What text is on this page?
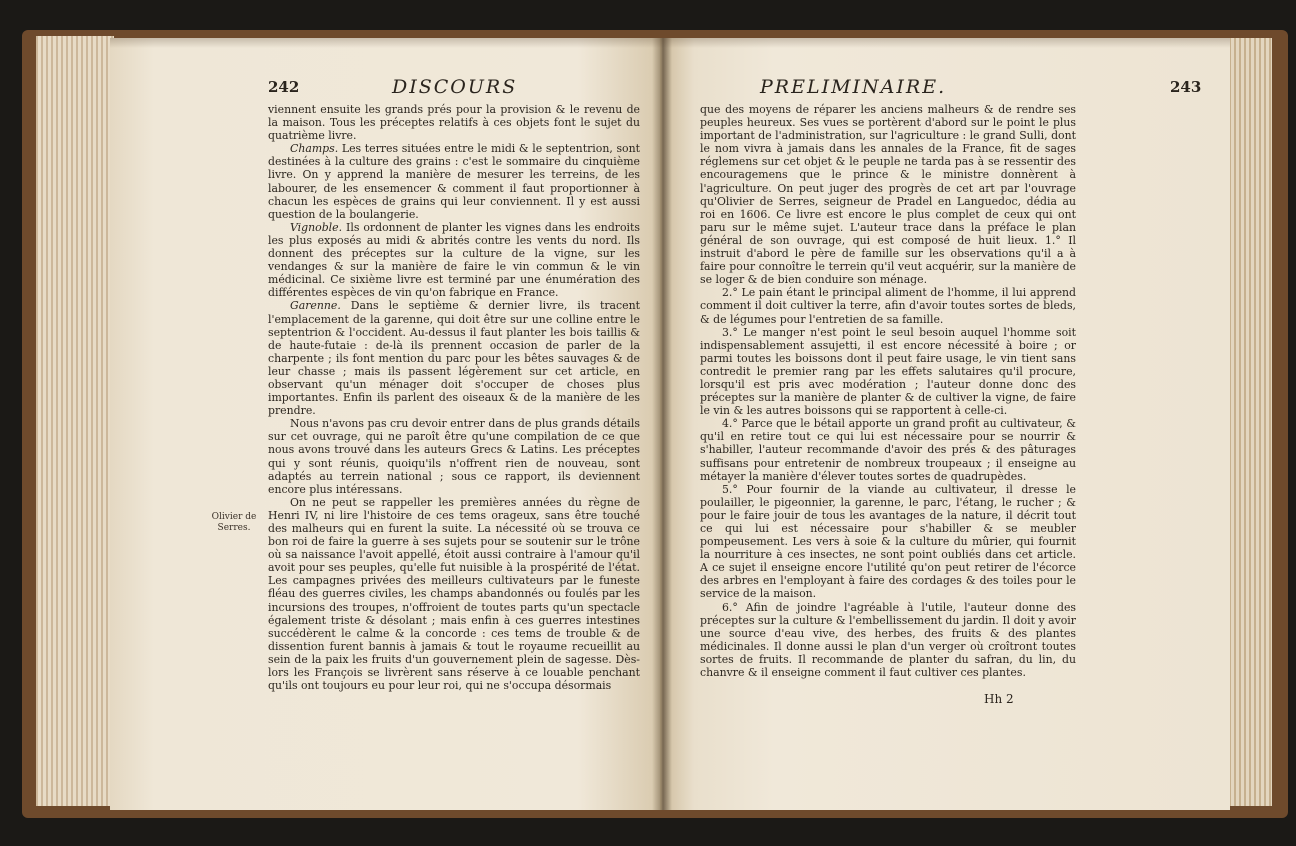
242	DISCOURS

viennent ensuite les grands prés pour la provision & le revenu de la maison. Tous les préceptes relatifs à ces objets font le sujet du quatrième livre.

Champs. Les terres situées entre le midi & le septentrion, sont destinées à la culture des grains : c'est le sommaire du cinquième livre. On y apprend la manière de mesurer les terreins, de les labourer, de les ensemencer & comment il faut proportionner à chacun les espèces de grains qui leur conviennent. Il y est aussi question de la boulangerie.

Vignoble. Ils ordonnent de planter les vignes dans les endroits les plus exposés au midi & abrités contre les vents du nord. Ils donnent des préceptes sur la culture de la vigne, sur les vendanges & sur la manière de faire le vin commun & le vin médicinal. Ce sixième livre est terminé par une énumération des différentes espèces de vin qu'on fabrique en France.

Garenne. Dans le septième & dernier livre, ils tracent l'emplacement de la garenne, qui doit être sur une colline entre le septentrion & l'occident. Au-dessus il faut planter les bois taillis & de haute-futaie : de-là ils prennent occasion de parler de la charpente ; ils font mention du parc pour les bêtes sauvages & de leur chasse ; mais ils passent légèrement sur cet article, en observant qu'un ménager doit s'occuper de choses plus importantes. Enfin ils parlent des oiseaux & de la manière de les prendre.

Nous n'avons pas cru devoir entrer dans de plus grands détails sur cet ouvrage, qui ne paroît être qu'une compilation de ce que nous avons trouvé dans les auteurs Grecs & Latins. Les préceptes qui y sont réunis, quoiqu'ils n'offrent rien de nouveau, sont adaptés au terrein national ; sous ce rapport, ils deviennent encore plus intéressans.

On ne peut se rappeller les premières années du règne de Henri IV, ni lire l'histoire de ces tems orageux, sans être touché des malheurs qui en furent la suite. La nécessité où se trouva ce bon roi de faire la guerre à ses sujets pour se soutenir sur le trône où sa naissance l'avoit appellé, étoit aussi contraire à l'amour qu'il avoit pour ses peuples, qu'elle fut nuisible à la prospérité de l'état. Les campagnes privées des meilleurs cultivateurs par le funeste fléau des guerres civiles, les champs abandonnés ou foulés par les incursions des troupes, n'offroient de toutes parts qu'un spectacle également triste & désolant ; mais enfin à ces guerres intestines succédèrent le calme & la concorde : ces tems de trouble & de dissention furent bannis à jamais & tout le royaume recueillit au sein de la paix les fruits d'un gouvernement plein de sagesse. Dès-lors les François se livrèrent sans réserve à ce louable penchant qu'ils ont toujours eu pour leur roi, qui ne s'occupa désormais

Olivier de Serres.
PRELIMINAIRE.	243

que des moyens de réparer les anciens malheurs & de rendre ses peuples heureux. Ses vues se portèrent d'abord sur le point le plus important de l'administration, sur l'agriculture : le grand Sulli, dont le nom vivra à jamais dans les annales de la France, fit de sages réglemens sur cet objet & le peuple ne tarda pas à se ressentir des encouragemens que le prince & le ministre donnèrent à l'agriculture. On peut juger des progrès de cet art par l'ouvrage qu'Olivier de Serres, seigneur de Pradel en Languedoc, dédia au roi en 1606. Ce livre est encore le plus complet de ceux qui ont paru sur le même sujet. L'auteur trace dans la préface le plan général de son ouvrage, qui est composé de huit lieux. 1.° Il instruit d'abord le père de famille sur les observations qu'il a à faire pour connoître le terrein qu'il veut acquérir, sur la manière de se loger & de bien conduire son ménage.

2.° Le pain étant le principal aliment de l'homme, il lui apprend comment il doit cultiver la terre, afin d'avoir toutes sortes de bleds, & de légumes pour l'entretien de sa famille.

3.° Le manger n'est point le seul besoin auquel l'homme soit indispensablement assujetti, il est encore nécessité à boire ; or parmi toutes les boissons dont il peut faire usage, le vin tient sans contredit le premier rang par les effets salutaires qu'il procure, lorsqu'il est pris avec modération ; l'auteur donne donc des préceptes sur la manière de planter & de cultiver la vigne, de faire le vin & les autres boissons qui se rapportent à celle-ci.

4.° Parce que le bétail apporte un grand profit au cultivateur, & qu'il en retire tout ce qui lui est nécessaire pour se nourrir & s'habiller, l'auteur recommande d'avoir des prés & des pâturages suffisans pour entretenir de nombreux troupeaux ; il enseigne au métayer la manière d'élever toutes sortes de quadrupèdes.

5.° Pour fournir de la viande au cultivateur, il dresse le poulailler, le pigeonnier, la garenne, le parc, l'étang, le rucher ; & pour le faire jouir de tous les avantages de la nature, il décrit tout ce qui lui est nécessaire pour s'habiller & se meubler pompeusement. Les vers à soie & la culture du mûrier, qui fournit la nourriture à ces insectes, ne sont point oubliés dans cet article. A ce sujet il enseigne encore l'utilité qu'on peut retirer de l'écorce des arbres en l'employant à faire des cordages & des toiles pour le service de la maison.

6.° Afin de joindre l'agréable à l'utile, l'auteur donne des préceptes sur la culture & l'embellissement du jardin. Il doit y avoir une source d'eau vive, des herbes, des fruits & des plantes médicinales. Il donne aussi le plan d'un verger où croîtront toutes sortes de fruits. Il recommande de planter du safran, du lin, du chanvre & il enseigne comment il faut cultiver ces plantes.

Hh 2
